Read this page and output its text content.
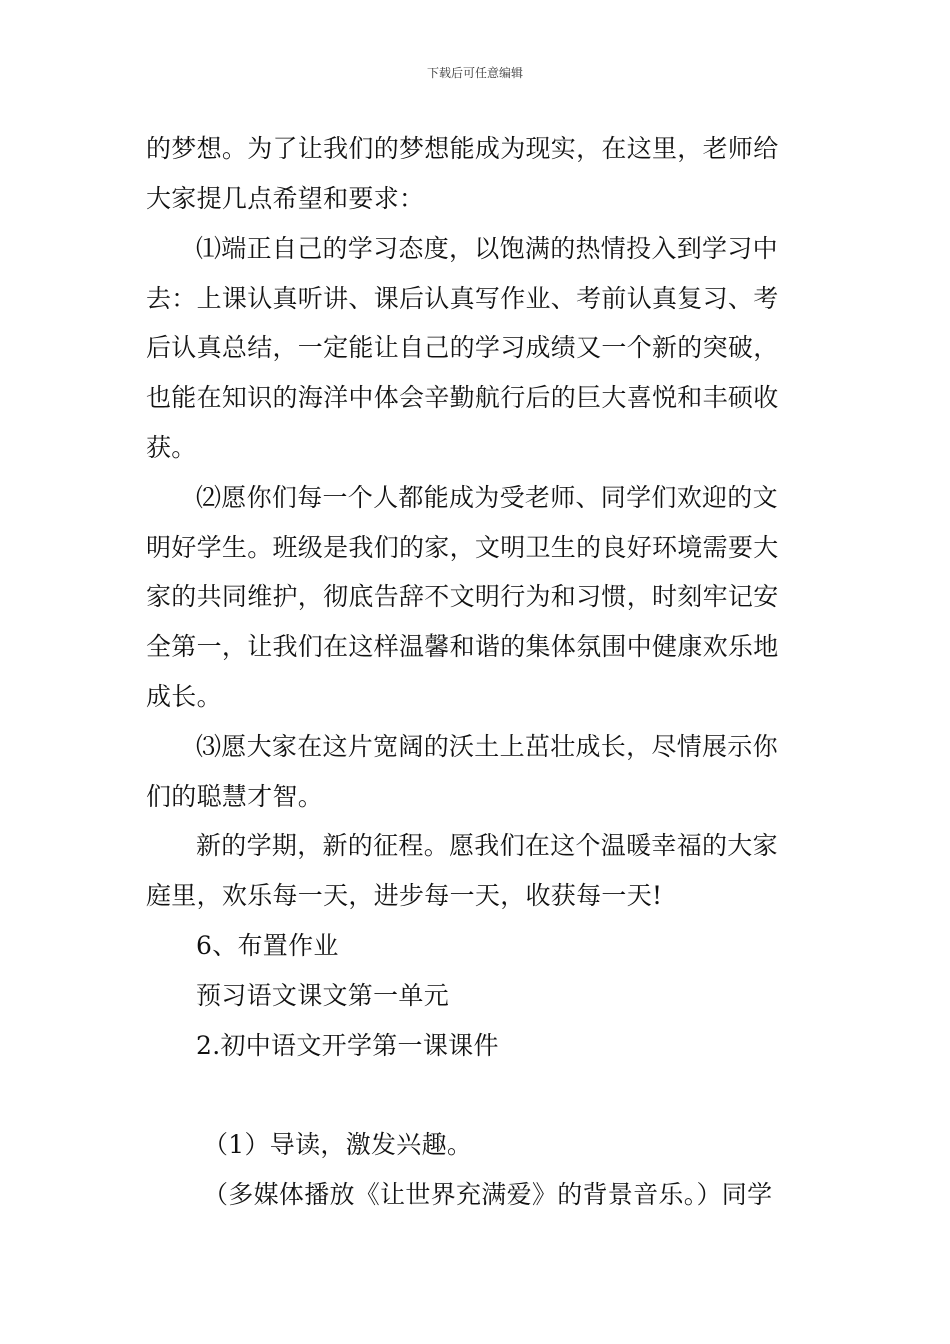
下载后可任意编辑
的梦想。为了让我们的梦想能成为现实，在这里，老师给
大家提几点希望和要求：
⑴端正自己的学习态度，以饱满的热情投入到学习中
去：上课认真听讲、课后认真写作业、考前认真复习、考
后认真总结，一定能让自己的学习成绩又一个新的突破，
也能在知识的海洋中体会辛勤航行后的巨大喜悦和丰硕收
获。
⑵愿你们每一个人都能成为受老师、同学们欢迎的文
明好学生。班级是我们的家，文明卫生的良好环境需要大
家的共同维护，彻底告辞不文明行为和习惯，时刻牢记安
全第一，让我们在这样温馨和谐的集体氛围中健康欢乐地
成长。
⑶愿大家在这片宽阔的沃土上茁壮成长，尽情展示你
们的聪慧才智。
新的学期，新的征程。愿我们在这个温暖幸福的大家
庭里，欢乐每一天，进步每一天，收获每一天!
6、布置作业
预习语文课文第一单元
2.初中语文开学第一课课件
（1）导读，激发兴趣。
（多媒体播放《让世界充满爱》的背景音乐。）同学
